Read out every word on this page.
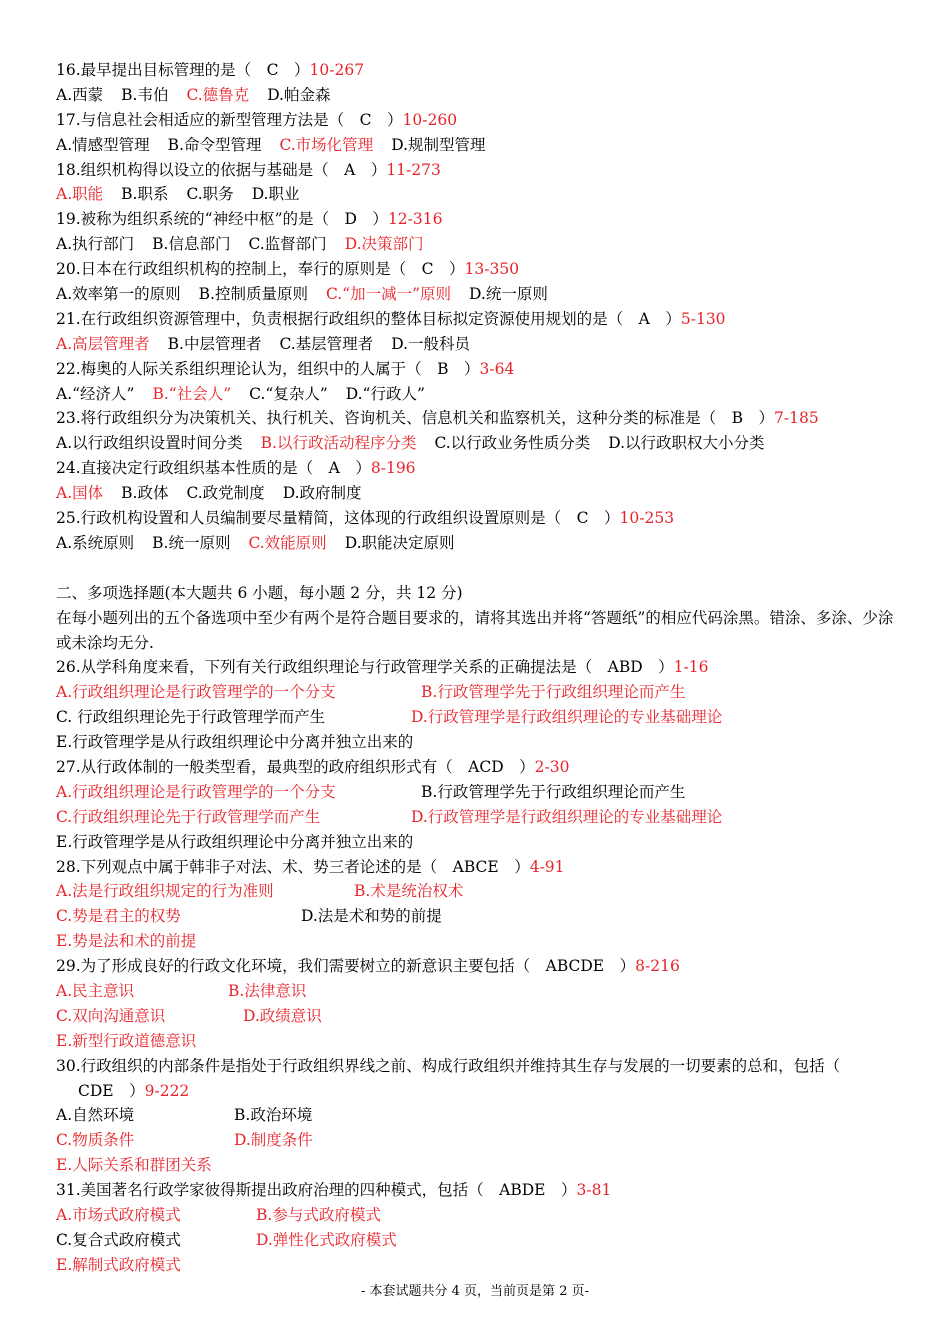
16.最早提出目标管理的是（　C　）10-267
A.西蒙 B.韦伯 C.德鲁克 D.帕金森
17.与信息社会相适应的新型管理方法是（　C　）10-260
A.情感型管理 B.命令型管理 C.市场化管理 D.规制型管理
18.组织机构得以设立的依据与基础是（　A　）11-273
A.职能 B.职系 C.职务 D.职业
19.被称为组织系统的“神经中枢”的是（　D　）12-316
A.执行部门 B.信息部门 C.监督部门 D.决策部门
20.日本在行政组织机构的控制上，奉行的原则是（　C　）13-350
A.效率第一的原则 B.控制质量原则 C.“加一减一”原则 D.统一原则
21.在行政组织资源管理中，负责根据行政组织的整体目标拟定资源使用规划的是（　A　）5-130
A.高层管理者 B.中层管理者 C.基层管理者 D.一般科员
22.梅奥的人际关系组织理论认为，组织中的人属于（　B　）3-64
A.“经济人” B.“社会人” C.“复杂人” D.“行政人”
23.将行政组织分为决策机关、执行机关、咨询机关、信息机关和监察机关，这种分类的标准是（　B　）7-185
A.以行政组织设置时间分类 B.以行政活动程序分类 C.以行政业务性质分类 D.以行政职权大小分类
24.直接决定行政组织基本性质的是（　A　）8-196
A.国体 B.政体 C.政党制度 D.政府制度
25.行政机构设置和人员编制要尽量精简，这体现的行政组织设置原则是（　C　）10-253
A.系统原则 B.统一原则 C.效能原则 D.职能决定原则
二、多项选择题(本大题共 6 小题，每小题 2 分，共 12 分)
在每小题列出的五个备选项中至少有两个是符合题目要求的，请将其选出并将“答题纸”的相应代码涂黑。错涂、多涂、少涂或未涂均无分.
26.从学科角度来看，下列有关行政组织理论与行政管理学关系的正确提法是（　ABD　）1-16
A.行政组织理论是行政管理学的一个分支	B.行政管理学先于行政组织理论而产生
C. 行政组织理论先于行政管理学而产生	D.行政管理学是行政组织理论的专业基础理论
E.行政管理学是从行政组织理论中分离并独立出来的
27.从行政体制的一般类型看，最典型的政府组织形式有（　ACD　）2-30
A.行政组织理论是行政管理学的一个分支	B.行政管理学先于行政组织理论而产生
C.行政组织理论先于行政管理学而产生	D.行政管理学是行政组织理论的专业基础理论
E.行政管理学是从行政组织理论中分离并独立出来的
28.下列观点中属于韩非子对法、术、势三者论述的是（　ABCE　）4-91
A.法是行政组织规定的行为准则	B.术是统治权术
C.势是君主的权势	D.法是术和势的前提
E.势是法和术的前提
29.为了形成良好的行政文化环境，我们需要树立的新意识主要包括（　ABCDE　）8-216
A.民主意识	B.法律意识
C.双向沟通意识	D.政绩意识
E.新型行政道德意识
30.行政组织的内部条件是指处于行政组织界线之前、构成行政组织并维持其生存与发展的一切要素的总和，包括（
CDE　）9-222
A.自然环境	B.政治环境
C.物质条件	D.制度条件
E.人际关系和群团关系
31.美国著名行政学家彼得斯提出政府治理的四种模式，包括（　ABDE　）3-81
A.市场式政府模式	B.参与式政府模式
C.复合式政府模式	D.弹性化式政府模式
E.解制式政府模式
- 本套试题共分 4 页，当前页是第 2 页-
